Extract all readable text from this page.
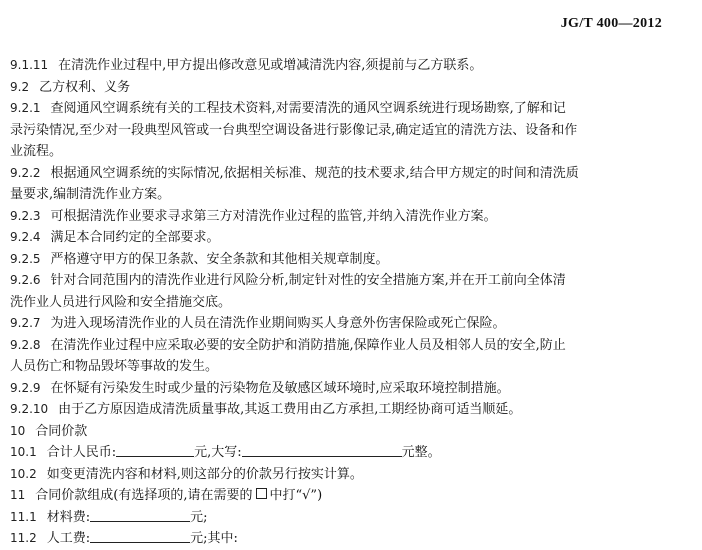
JG/T 400—2012
9.1.11 在清洗作业过程中,甲方提出修改意见或增减清洗内容,须提前与乙方联系。
9.2 乙方权利、义务
9.2.1 查阅通风空调系统有关的工程技术资料,对需要清洗的通风空调系统进行现场勘察,了解和记
录污染情况,至少对一段典型风管或一台典型空调设备进行影像记录,确定适宜的清洗方法、设备和作
业流程。
9.2.2 根据通风空调系统的实际情况,依据相关标准、规范的技术要求,结合甲方规定的时间和清洗质
量要求,编制清洗作业方案。
9.2.3 可根据清洗作业要求寻求第三方对清洗作业过程的监管,并纳入清洗作业方案。
9.2.4 满足本合同约定的全部要求。
9.2.5 严格遵守甲方的保卫条款、安全条款和其他相关规章制度。
9.2.6 针对合同范围内的清洗作业进行风险分析,制定针对性的安全措施方案,并在开工前向全体清
洗作业人员进行风险和安全措施交底。
9.2.7 为进入现场清洗作业的人员在清洗作业期间购买人身意外伤害保险或死亡保险。
9.2.8 在清洗作业过程中应采取必要的安全防护和消防措施,保障作业人员及相邻人员的安全,防止
人员伤亡和物品毁坏等事故的发生。
9.2.9 在怀疑有污染发生时或少量的污染物危及敏感区域环境时,应采取环境控制措施。
9.2.10 由于乙方原因造成清洗质量事故,其返工费用由乙方承担,工期经协商可适当顺延。
10 合同价款
10.1 合计人民币:	元,大写:	元整。
10.2 如变更清洗内容和材料,则这部分的价款另行按实计算。
11 合同价款组成(有选择项的,请在需要的 中打“√”)
11.1 材料费:	元;
11.2 人工费:	元;其中:
